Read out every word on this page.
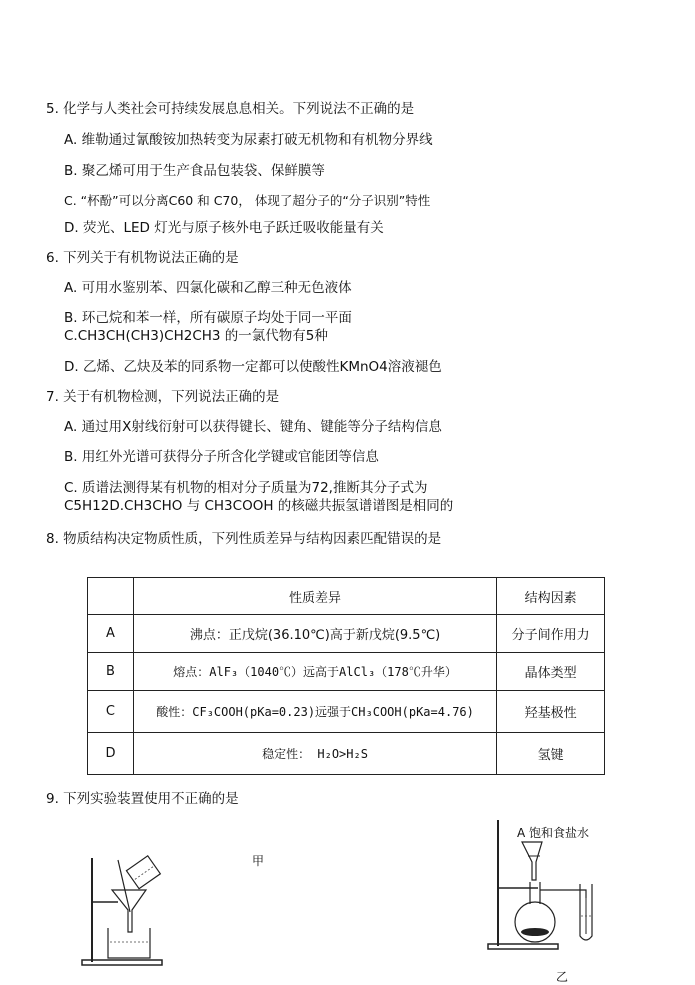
5. 化学与人类社会可持续发展息息相关。下列说法不正确的是
A. 维勒通过氰酸铵加热转变为尿素打破无机物和有机物分界线
B. 聚乙烯可用于生产食品包装袋、保鲜膜等
C. “杯酚”可以分离C60 和 C70， 体现了超分子的“分子识别”特性
D. 荧光、LED 灯光与原子核外电子跃迁吸收能量有关
6. 下列关于有机物说法正确的是
A. 可用水鉴别苯、四氯化碳和乙醇三种无色液体
B. 环己烷和苯一样，所有碳原子均处于同一平面
C.CH3CH(CH3)CH2CH3 的一氯代物有5种
D. 乙烯、乙炔及苯的同系物一定都可以使酸性KMnO4溶液褪色
7. 关于有机物检测，下列说法正确的是
A. 通过用X射线衍射可以获得键长、键角、键能等分子结构信息
B. 用红外光谱可获得分子所含化学键或官能团等信息
C. 质谱法测得某有机物的相对分子质量为72,推断其分子式为
C5H12D.CH3CHO 与 CH3COOH 的核磁共振氢谱谱图是相同的
8. 物质结构决定物质性质，下列性质差异与结构因素匹配错误的是
	性质差异	结构因素
A	沸点：正戊烷(36.10℃)高于新戊烷(9.5℃)	分子间作用力
B	熔点：AlF₃（1040℃）远高于AlCl₃（178℃升华）	晶体类型
C	酸性：CF₃COOH(pKa=0.23)远强于CH₃COOH(pKa=4.76)	羟基极性
D	稳定性： H₂O>H₂S	氢键
9. 下列实验装置使用不正确的是
甲
A 饱和食盐水
乙
